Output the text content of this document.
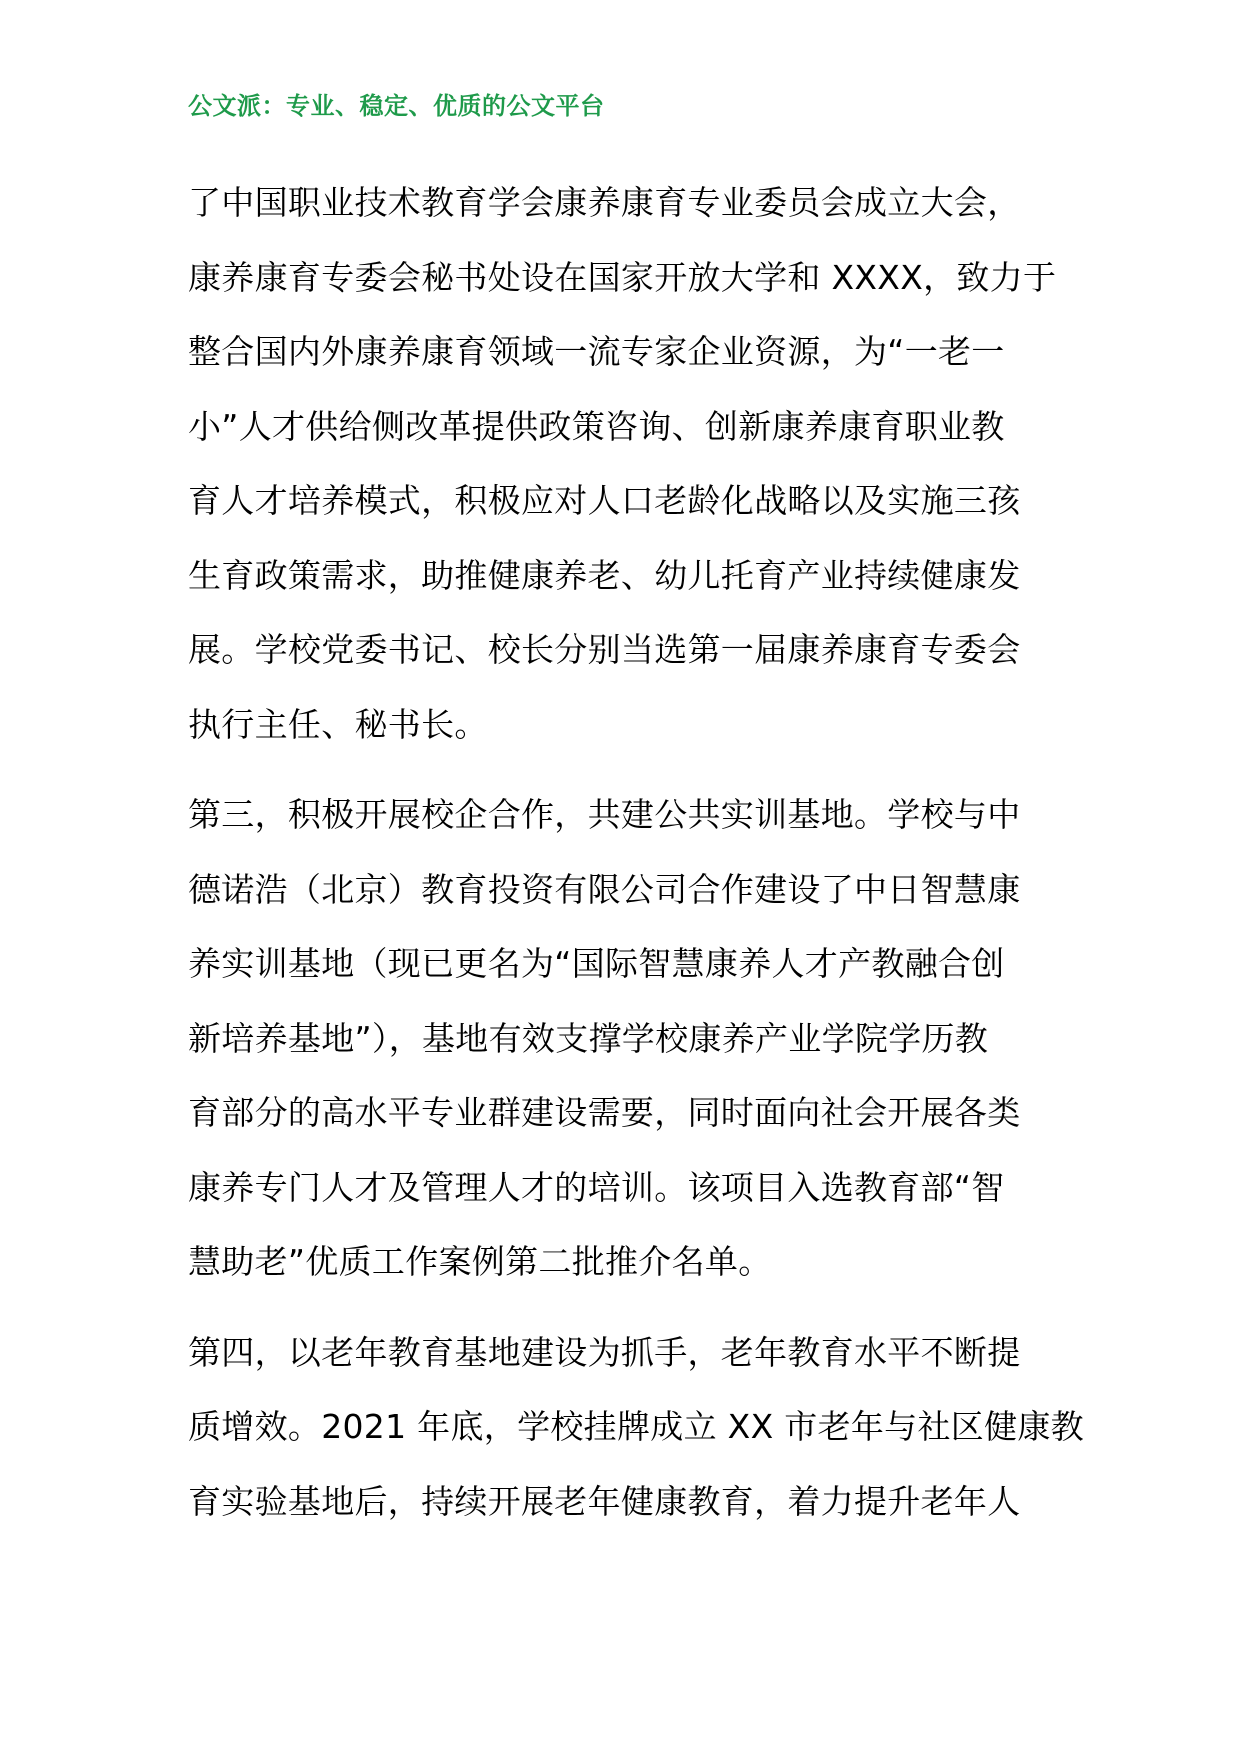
公文派：专业、稳定、优质的公文平台
了中国职业技术教育学会康养康育专业委员会成立大会，
康养康育专委会秘书处设在国家开放大学和 XXXX，致力于
整合国内外康养康育领域一流专家企业资源，为“一老一
小”人才供给侧改革提供政策咨询、创新康养康育职业教
育人才培养模式，积极应对人口老龄化战略以及实施三孩
生育政策需求，助推健康养老、幼儿托育产业持续健康发
展。学校党委书记、校长分别当选第一届康养康育专委会
执行主任、秘书长。
第三，积极开展校企合作，共建公共实训基地。学校与中
德诺浩（北京）教育投资有限公司合作建设了中日智慧康
养实训基地（现已更名为“国际智慧康养人才产教融合创
新培养基地”），基地有效支撑学校康养产业学院学历教
育部分的高水平专业群建设需要，同时面向社会开展各类
康养专门人才及管理人才的培训。该项目入选教育部“智
慧助老”优质工作案例第二批推介名单。
第四，以老年教育基地建设为抓手，老年教育水平不断提
质增效。2021 年底，学校挂牌成立 XX 市老年与社区健康教
育实验基地后，持续开展老年健康教育，着力提升老年人
